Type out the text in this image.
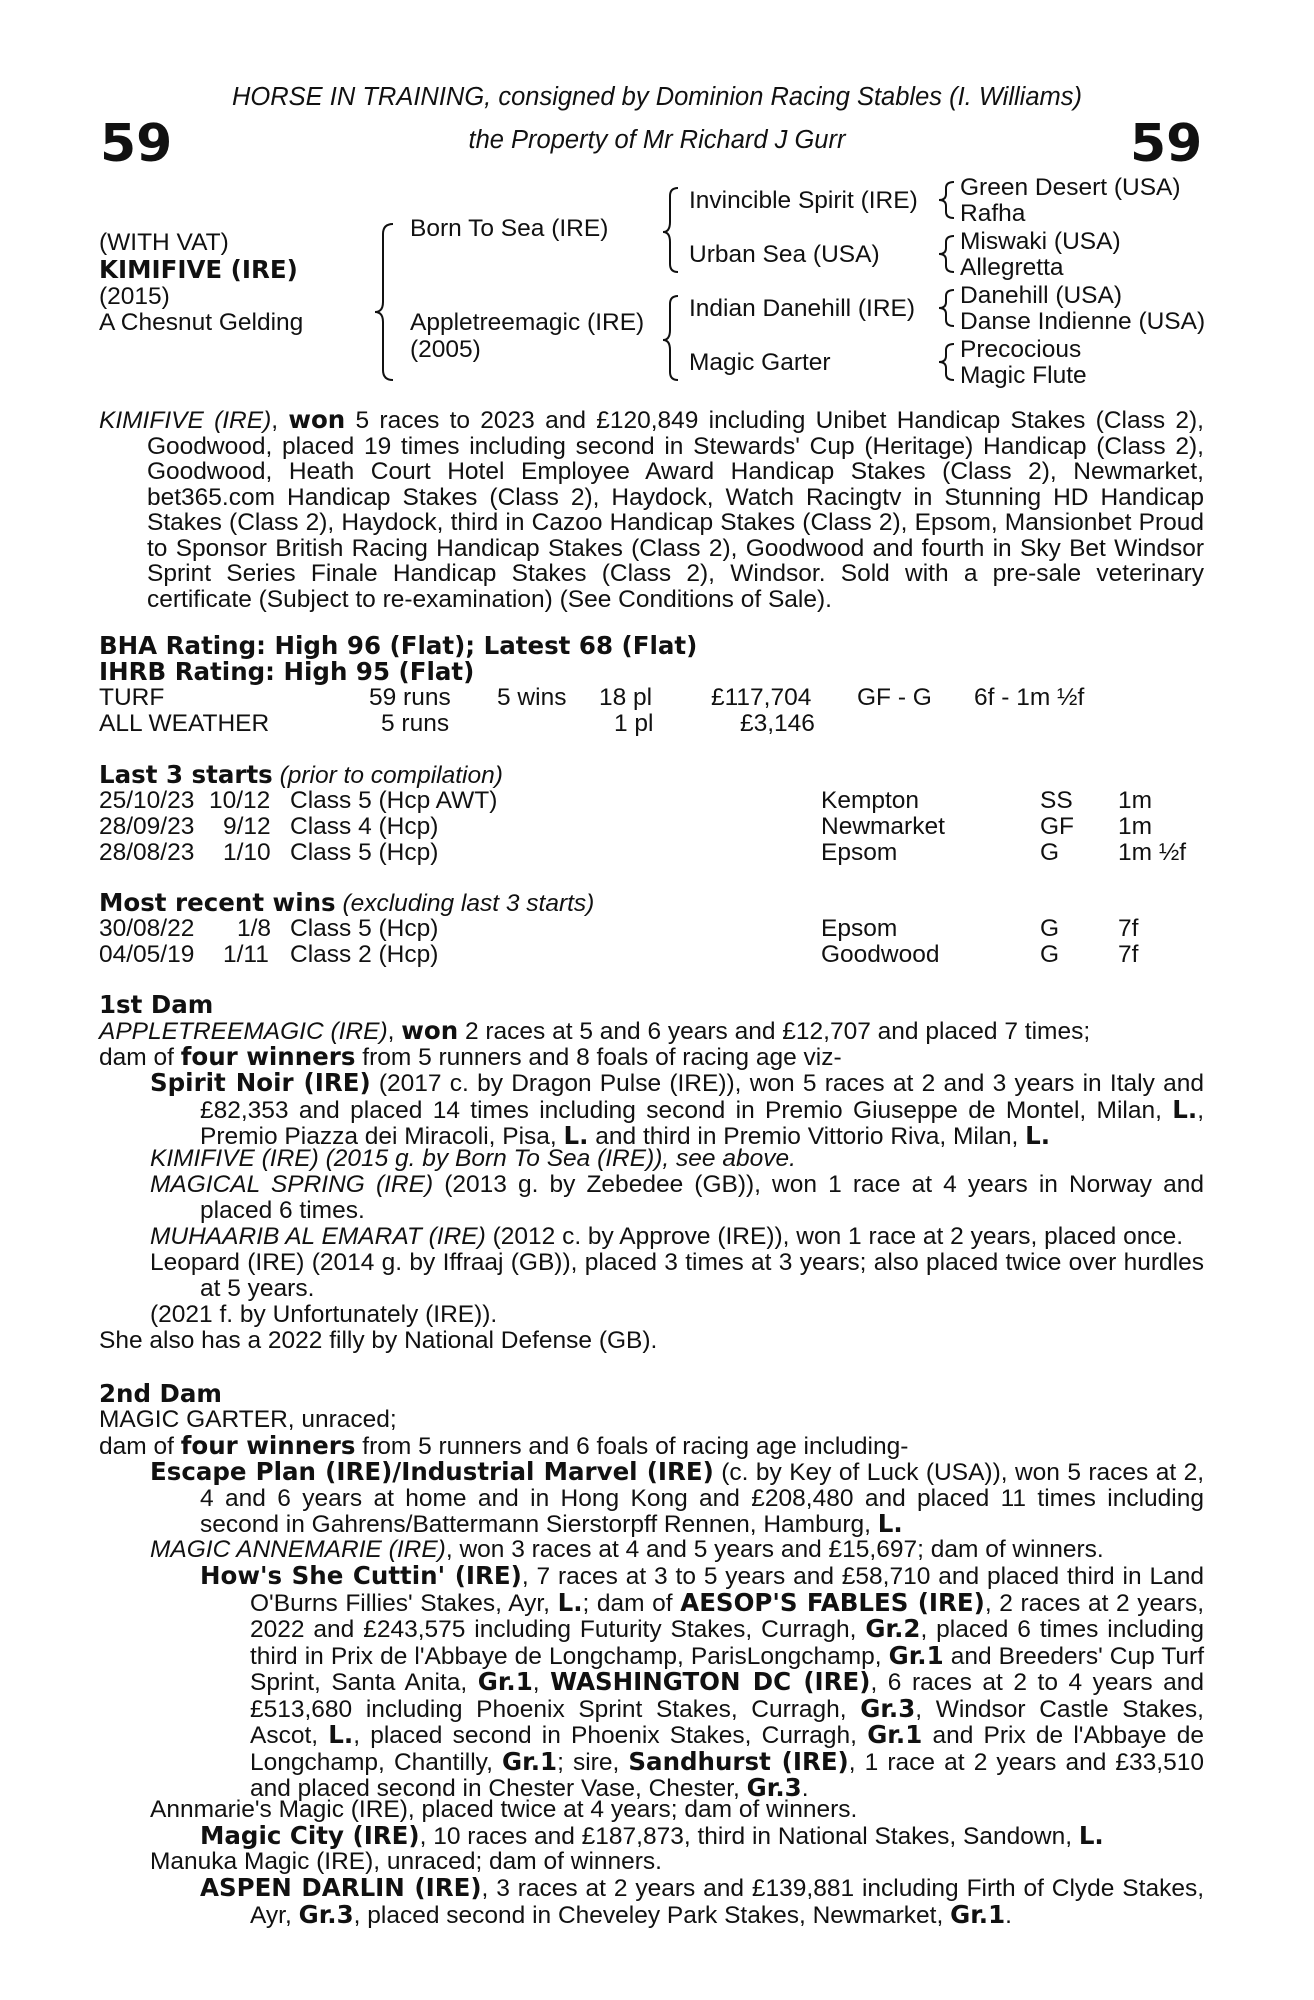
59	59
HORSE IN TRAINING, consigned by Dominion Racing Stables (I. Williams)
the Property of Mr Richard J Gurr
(WITH VAT)
KIMIFIVE (IRE)
(2015)
A Chesnut Gelding
Born To Sea (IRE)
Appletreemagic (IRE)
(2005)
Invincible Spirit (IRE)
Urban Sea (USA)
Indian Danehill (IRE)
Magic Garter
Green Desert (USA)
Rafha
Miswaki (USA)
Allegretta
Danehill (USA)
Danse Indienne (USA)
Precocious
Magic Flute

KIMIFIVE (IRE), won 5 races to 2023 and £120,849 including Unibet Handicap Stakes (Class 2), Goodwood, placed 19 times including second in Stewards' Cup (Heritage) Handicap (Class 2), Goodwood, Heath Court Hotel Employee Award Handicap Stakes (Class 2), Newmarket, bet365.com Handicap Stakes (Class 2), Haydock, Watch Racingtv in Stunning HD Handicap Stakes (Class 2), Haydock, third in Cazoo Handicap Stakes (Class 2), Epsom, Mansionbet Proud to Sponsor British Racing Handicap Stakes (Class 2), Goodwood and fourth in Sky Bet Windsor Sprint Series Finale Handicap Stakes (Class 2), Windsor. Sold with a pre-sale veterinary certificate (Subject to re-examination) (See Conditions of Sale).

BHA Rating: High 96 (Flat); Latest 68 (Flat)
IHRB Rating: High 95 (Flat)
TURF	59 runs 5 wins 18 pl £117,704 GF - G 6f - 1m ½f
ALL WEATHER	5 runs	1 pl	£3,146
Last 3 starts (prior to compilation)
25/10/23 10/12 Class 5 (Hcp AWT)	Kempton	SS 1m
28/09/23 9/12 Class 4 (Hcp)	Newmarket	GF 1m
28/08/23 1/10 Class 5 (Hcp)	Epsom	G 1m ½f
Most recent wins (excluding last 3 starts)
30/08/22 1/8 Class 5 (Hcp)	Epsom	G 7f
04/05/19 1/11 Class 2 (Hcp)	Goodwood	G 7f
1st Dam
APPLETREEMAGIC (IRE), won 2 races at 5 and 6 years and £12,707 and placed 7 times;
dam of four winners from 5 runners and 8 foals of racing age viz-

Spirit Noir (IRE) (2017 c. by Dragon Pulse (IRE)), won 5 races at 2 and 3 years in Italy and £82,353 and placed 14 times including second in Premio Giuseppe de Montel, Milan, L., Premio Piazza dei Miracoli, Pisa, L. and third in Premio Vittorio Riva, Milan, L.

KIMIFIVE (IRE) (2015 g. by Born To Sea (IRE)), see above.

MAGICAL SPRING (IRE) (2013 g. by Zebedee (GB)), won 1 race at 4 years in Norway and placed 6 times.

MUHAARIB AL EMARAT (IRE) (2012 c. by Approve (IRE)), won 1 race at 2 years, placed once.

Leopard (IRE) (2014 g. by Iffraaj (GB)), placed 3 times at 3 years; also placed twice over hurdles at 5 years.

(2021 f. by Unfortunately (IRE)).
She also has a 2022 filly by National Defense (GB).
2nd Dam
MAGIC GARTER, unraced;
dam of four winners from 5 runners and 6 foals of racing age including-

Escape Plan (IRE)/Industrial Marvel (IRE) (c. by Key of Luck (USA)), won 5 races at 2, 4 and 6 years at home and in Hong Kong and £208,480 and placed 11 times including second in Gahrens/Battermann Sierstorpff Rennen, Hamburg, L.

MAGIC ANNEMARIE (IRE), won 3 races at 4 and 5 years and £15,697; dam of winners.

How's She Cuttin' (IRE), 7 races at 3 to 5 years and £58,710 and placed third in Land O'Burns Fillies' Stakes, Ayr, L.; dam of AESOP'S FABLES (IRE), 2 races at 2 years, 2022 and £243,575 including Futurity Stakes, Curragh, Gr.2, placed 6 times including third in Prix de l'Abbaye de Longchamp, ParisLongchamp, Gr.1 and Breeders' Cup Turf Sprint, Santa Anita, Gr.1, WASHINGTON DC (IRE), 6 races at 2 to 4 years and £513,680 including Phoenix Sprint Stakes, Curragh, Gr.3, Windsor Castle Stakes, Ascot, L., placed second in Phoenix Stakes, Curragh, Gr.1 and Prix de l'Abbaye de Longchamp, Chantilly, Gr.1; sire, Sandhurst (IRE), 1 race at 2 years and £33,510 and placed second in Chester Vase, Chester, Gr.3.

Annmarie's Magic (IRE), placed twice at 4 years; dam of winners.
Magic City (IRE), 10 races and £187,873, third in National Stakes, Sandown, L.
Manuka Magic (IRE), unraced; dam of winners.

ASPEN DARLIN (IRE), 3 races at 2 years and £139,881 including Firth of Clyde Stakes, Ayr, Gr.3, placed second in Cheveley Park Stakes, Newmarket, Gr.1.
